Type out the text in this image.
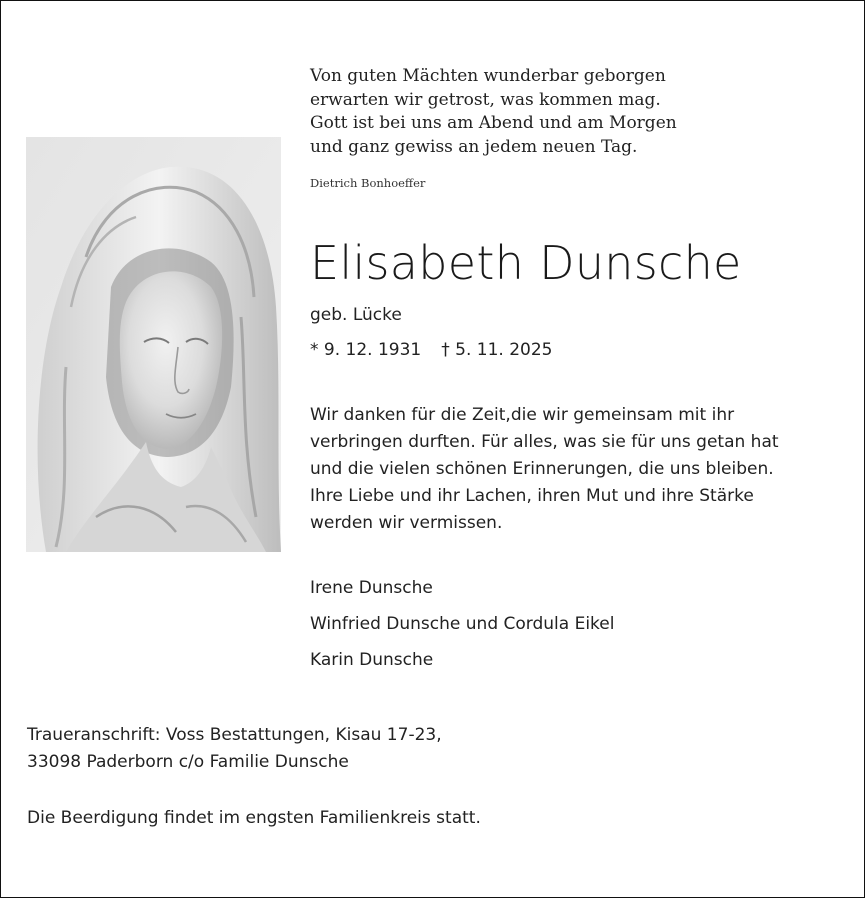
Von guten Mächten wunderbar geborgen
erwarten wir getrost, was kommen mag.
Gott ist bei uns am Abend und am Morgen
und ganz gewiss an jedem neuen Tag.
Dietrich Bonhoeffer
Elisabeth Dunsche
geb. Lücke
* 9. 12. 1931 † 5. 11. 2025
Wir danken für die Zeit,die wir gemeinsam mit ihr
verbringen durften. Für alles, was sie für uns getan hat
und die vielen schönen Erinnerungen, die uns bleiben.
Ihre Liebe und ihr Lachen, ihren Mut und ihre Stärke
werden wir vermissen.
Irene Dunsche
Winfried Dunsche und Cordula Eikel
Karin Dunsche
Traueranschrift: Voss Bestattungen, Kisau 17-23,
33098 Paderborn c/o Familie Dunsche
Die Beerdigung findet im engsten Familienkreis statt.
